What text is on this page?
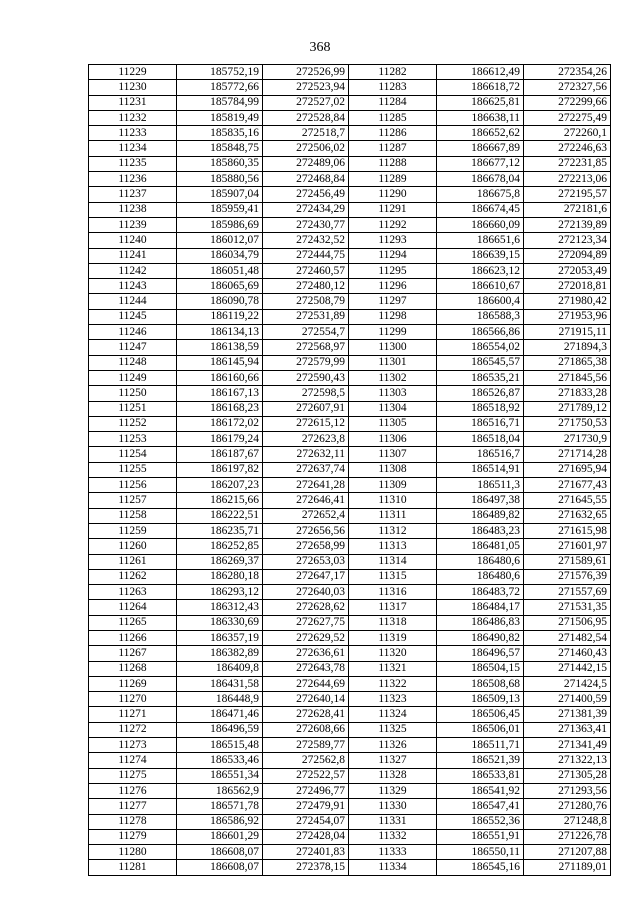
368
11229	185752,19	272526,99	11282	186612,49	272354,26
11230	185772,66	272523,94	11283	186618,72	272327,56
11231	185784,99	272527,02	11284	186625,81	272299,66
11232	185819,49	272528,84	11285	186638,11	272275,49
11233	185835,16	272518,7	11286	186652,62	272260,1
11234	185848,75	272506,02	11287	186667,89	272246,63
11235	185860,35	272489,06	11288	186677,12	272231,85
11236	185880,56	272468,84	11289	186678,04	272213,06
11237	185907,04	272456,49	11290	186675,8	272195,57
11238	185959,41	272434,29	11291	186674,45	272181,6
11239	185986,69	272430,77	11292	186660,09	272139,89
11240	186012,07	272432,52	11293	186651,6	272123,34
11241	186034,79	272444,75	11294	186639,15	272094,89
11242	186051,48	272460,57	11295	186623,12	272053,49
11243	186065,69	272480,12	11296	186610,67	272018,81
11244	186090,78	272508,79	11297	186600,4	271980,42
11245	186119,22	272531,89	11298	186588,3	271953,96
11246	186134,13	272554,7	11299	186566,86	271915,11
11247	186138,59	272568,97	11300	186554,02	271894,3
11248	186145,94	272579,99	11301	186545,57	271865,38
11249	186160,66	272590,43	11302	186535,21	271845,56
11250	186167,13	272598,5	11303	186526,87	271833,28
11251	186168,23	272607,91	11304	186518,92	271789,12
11252	186172,02	272615,12	11305	186516,71	271750,53
11253	186179,24	272623,8	11306	186518,04	271730,9
11254	186187,67	272632,11	11307	186516,7	271714,28
11255	186197,82	272637,74	11308	186514,91	271695,94
11256	186207,23	272641,28	11309	186511,3	271677,43
11257	186215,66	272646,41	11310	186497,38	271645,55
11258	186222,51	272652,4	11311	186489,82	271632,65
11259	186235,71	272656,56	11312	186483,23	271615,98
11260	186252,85	272658,99	11313	186481,05	271601,97
11261	186269,37	272653,03	11314	186480,6	271589,61
11262	186280,18	272647,17	11315	186480,6	271576,39
11263	186293,12	272640,03	11316	186483,72	271557,69
11264	186312,43	272628,62	11317	186484,17	271531,35
11265	186330,69	272627,75	11318	186486,83	271506,95
11266	186357,19	272629,52	11319	186490,82	271482,54
11267	186382,89	272636,61	11320	186496,57	271460,43
11268	186409,8	272643,78	11321	186504,15	271442,15
11269	186431,58	272644,69	11322	186508,68	271424,5
11270	186448,9	272640,14	11323	186509,13	271400,59
11271	186471,46	272628,41	11324	186506,45	271381,39
11272	186496,59	272608,66	11325	186506,01	271363,41
11273	186515,48	272589,77	11326	186511,71	271341,49
11274	186533,46	272562,8	11327	186521,39	271322,13
11275	186551,34	272522,57	11328	186533,81	271305,28
11276	186562,9	272496,77	11329	186541,92	271293,56
11277	186571,78	272479,91	11330	186547,41	271280,76
11278	186586,92	272454,07	11331	186552,36	271248,8
11279	186601,29	272428,04	11332	186551,91	271226,78
11280	186608,07	272401,83	11333	186550,11	271207,88
11281	186608,07	272378,15	11334	186545,16	271189,01
